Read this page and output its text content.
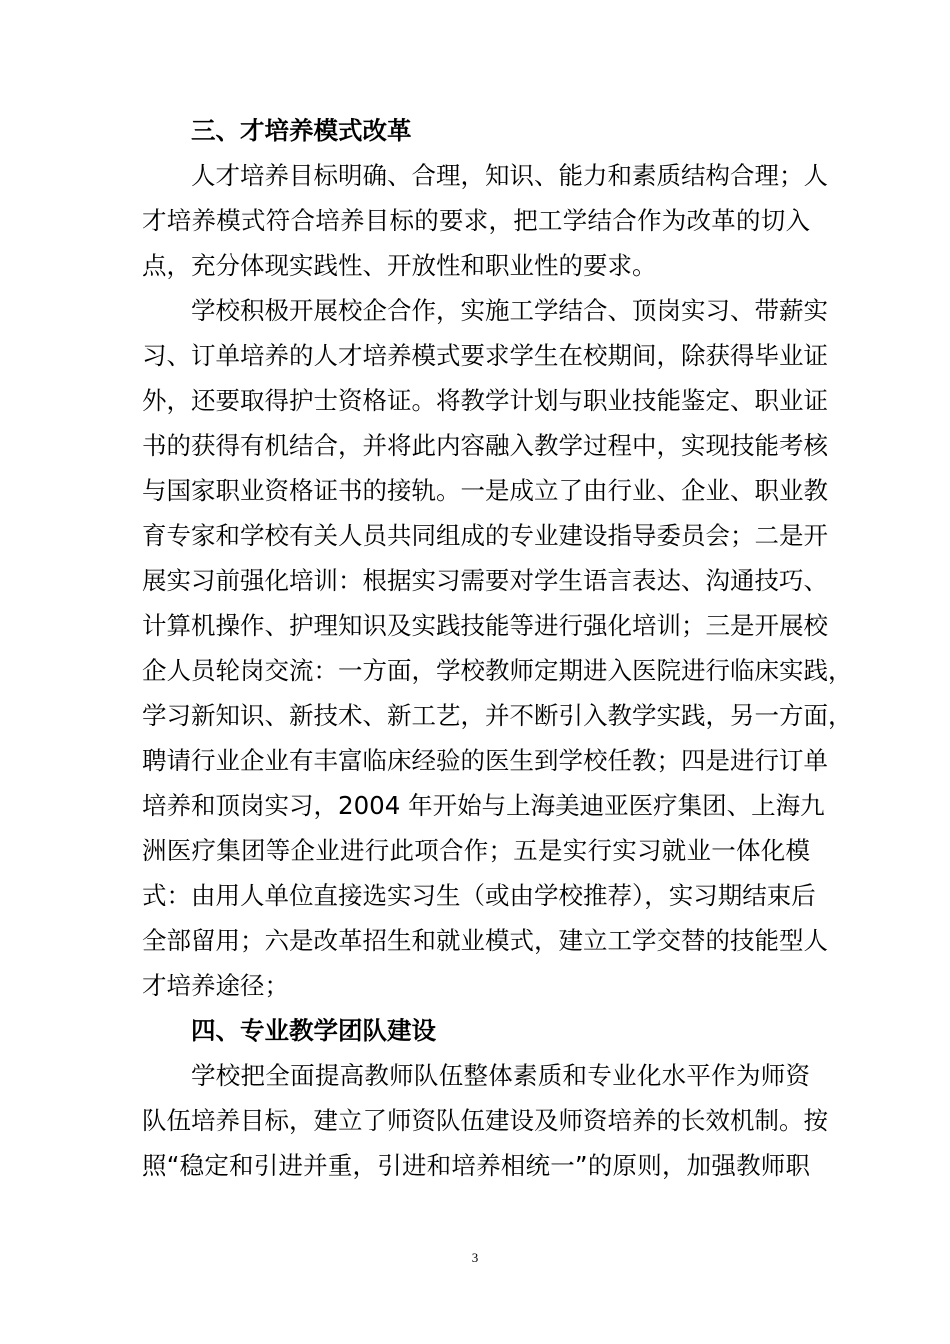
三、才培养模式改革

人才培养目标明确、合理，知识、能力和素质结构合理；人

才培养模式符合培养目标的要求，把工学结合作为改革的切入

点，充分体现实践性、开放性和职业性的要求。

学校积极开展校企合作，实施工学结合、顶岗实习、带薪实

习、订单培养的人才培养模式要求学生在校期间，除获得毕业证

外，还要取得护士资格证。将教学计划与职业技能鉴定、职业证

书的获得有机结合，并将此内容融入教学过程中，实现技能考核

与国家职业资格证书的接轨。一是成立了由行业、企业、职业教

育专家和学校有关人员共同组成的专业建设指导委员会；二是开

展实习前强化培训：根据实习需要对学生语言表达、沟通技巧、

计算机操作、护理知识及实践技能等进行强化培训；三是开展校

企人员轮岗交流：一方面，学校教师定期进入医院进行临床实践，

学习新知识、新技术、新工艺，并不断引入教学实践，另一方面，

聘请行业企业有丰富临床经验的医生到学校任教；四是进行订单

培养和顶岗实习，2004 年开始与上海美迪亚医疗集团、上海九

洲医疗集团等企业进行此项合作；五是实行实习就业一体化模

式：由用人单位直接选实习生（或由学校推荐），实习期结束后

全部留用；六是改革招生和就业模式，建立工学交替的技能型人

才培养途径；

四、专业教学团队建设

学校把全面提高教师队伍整体素质和专业化水平作为师资

队伍培养目标，建立了师资队伍建设及师资培养的长效机制。按

照“稳定和引进并重，引进和培养相统一”的原则，加强教师职

3
